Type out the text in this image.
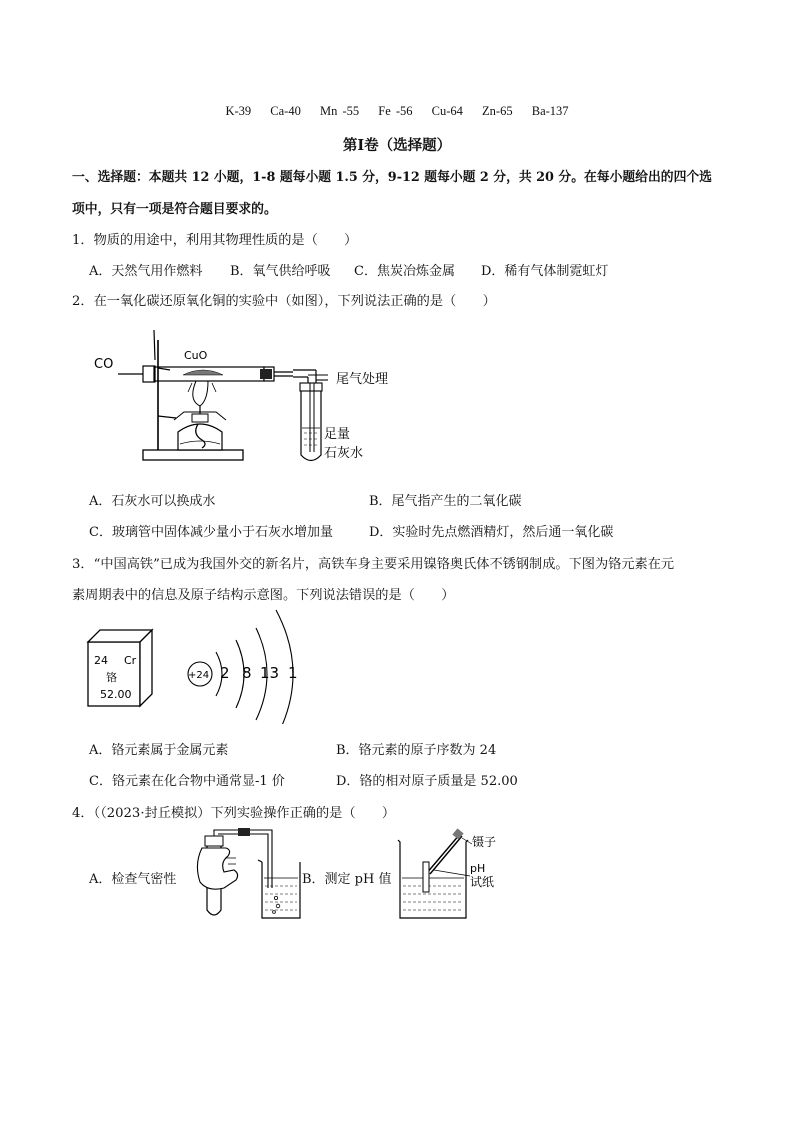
K-39 Ca-40 Mn -55 Fe -56 Cu-64 Zn-65 Ba-137
第Ⅰ卷（选择题）
一、选择题：本题共 12 小题，1-8 题每小题 1.5 分，9-12 题每小题 2 分，共 20 分。在每小题给出的四个选
项中，只有一项是符合题目要求的。
1．物质的用途中，利用其物理性质的是（　　）
A．天然气用作燃料 B．氧气供给呼吸 C．焦炭冶炼金属 D．稀有气体制霓虹灯
2．在一氧化碳还原氧化铜的实验中（如图），下列说法正确的是（　　）
CO
CuO
尾气处理
足量
石灰水
A．石灰水可以换成水	B．尾气指产生的二氧化碳
C．玻璃管中固体减少量小于石灰水增加量	D．实验时先点燃酒精灯，然后通一氧化碳
3．“中国高铁”已成为我国外交的新名片，高铁车身主要采用镍铬奥氏体不锈钢制成。下图为铬元素在元
素周期表中的信息及原子结构示意图。下列说法错误的是（　　）
24 Cr
铬
52.00
+24 2 8 13 1
A．铬元素属于金属元素	B．铬元素的原子序数为 24
C．铬元素在化合物中通常显-1 价	D．铬的相对原子质量是 52.00
4．（（2023·封丘模拟）下列实验操作正确的是（　　）
A．检查气密性	B．测定 pH 值
镊子
pH
试纸
